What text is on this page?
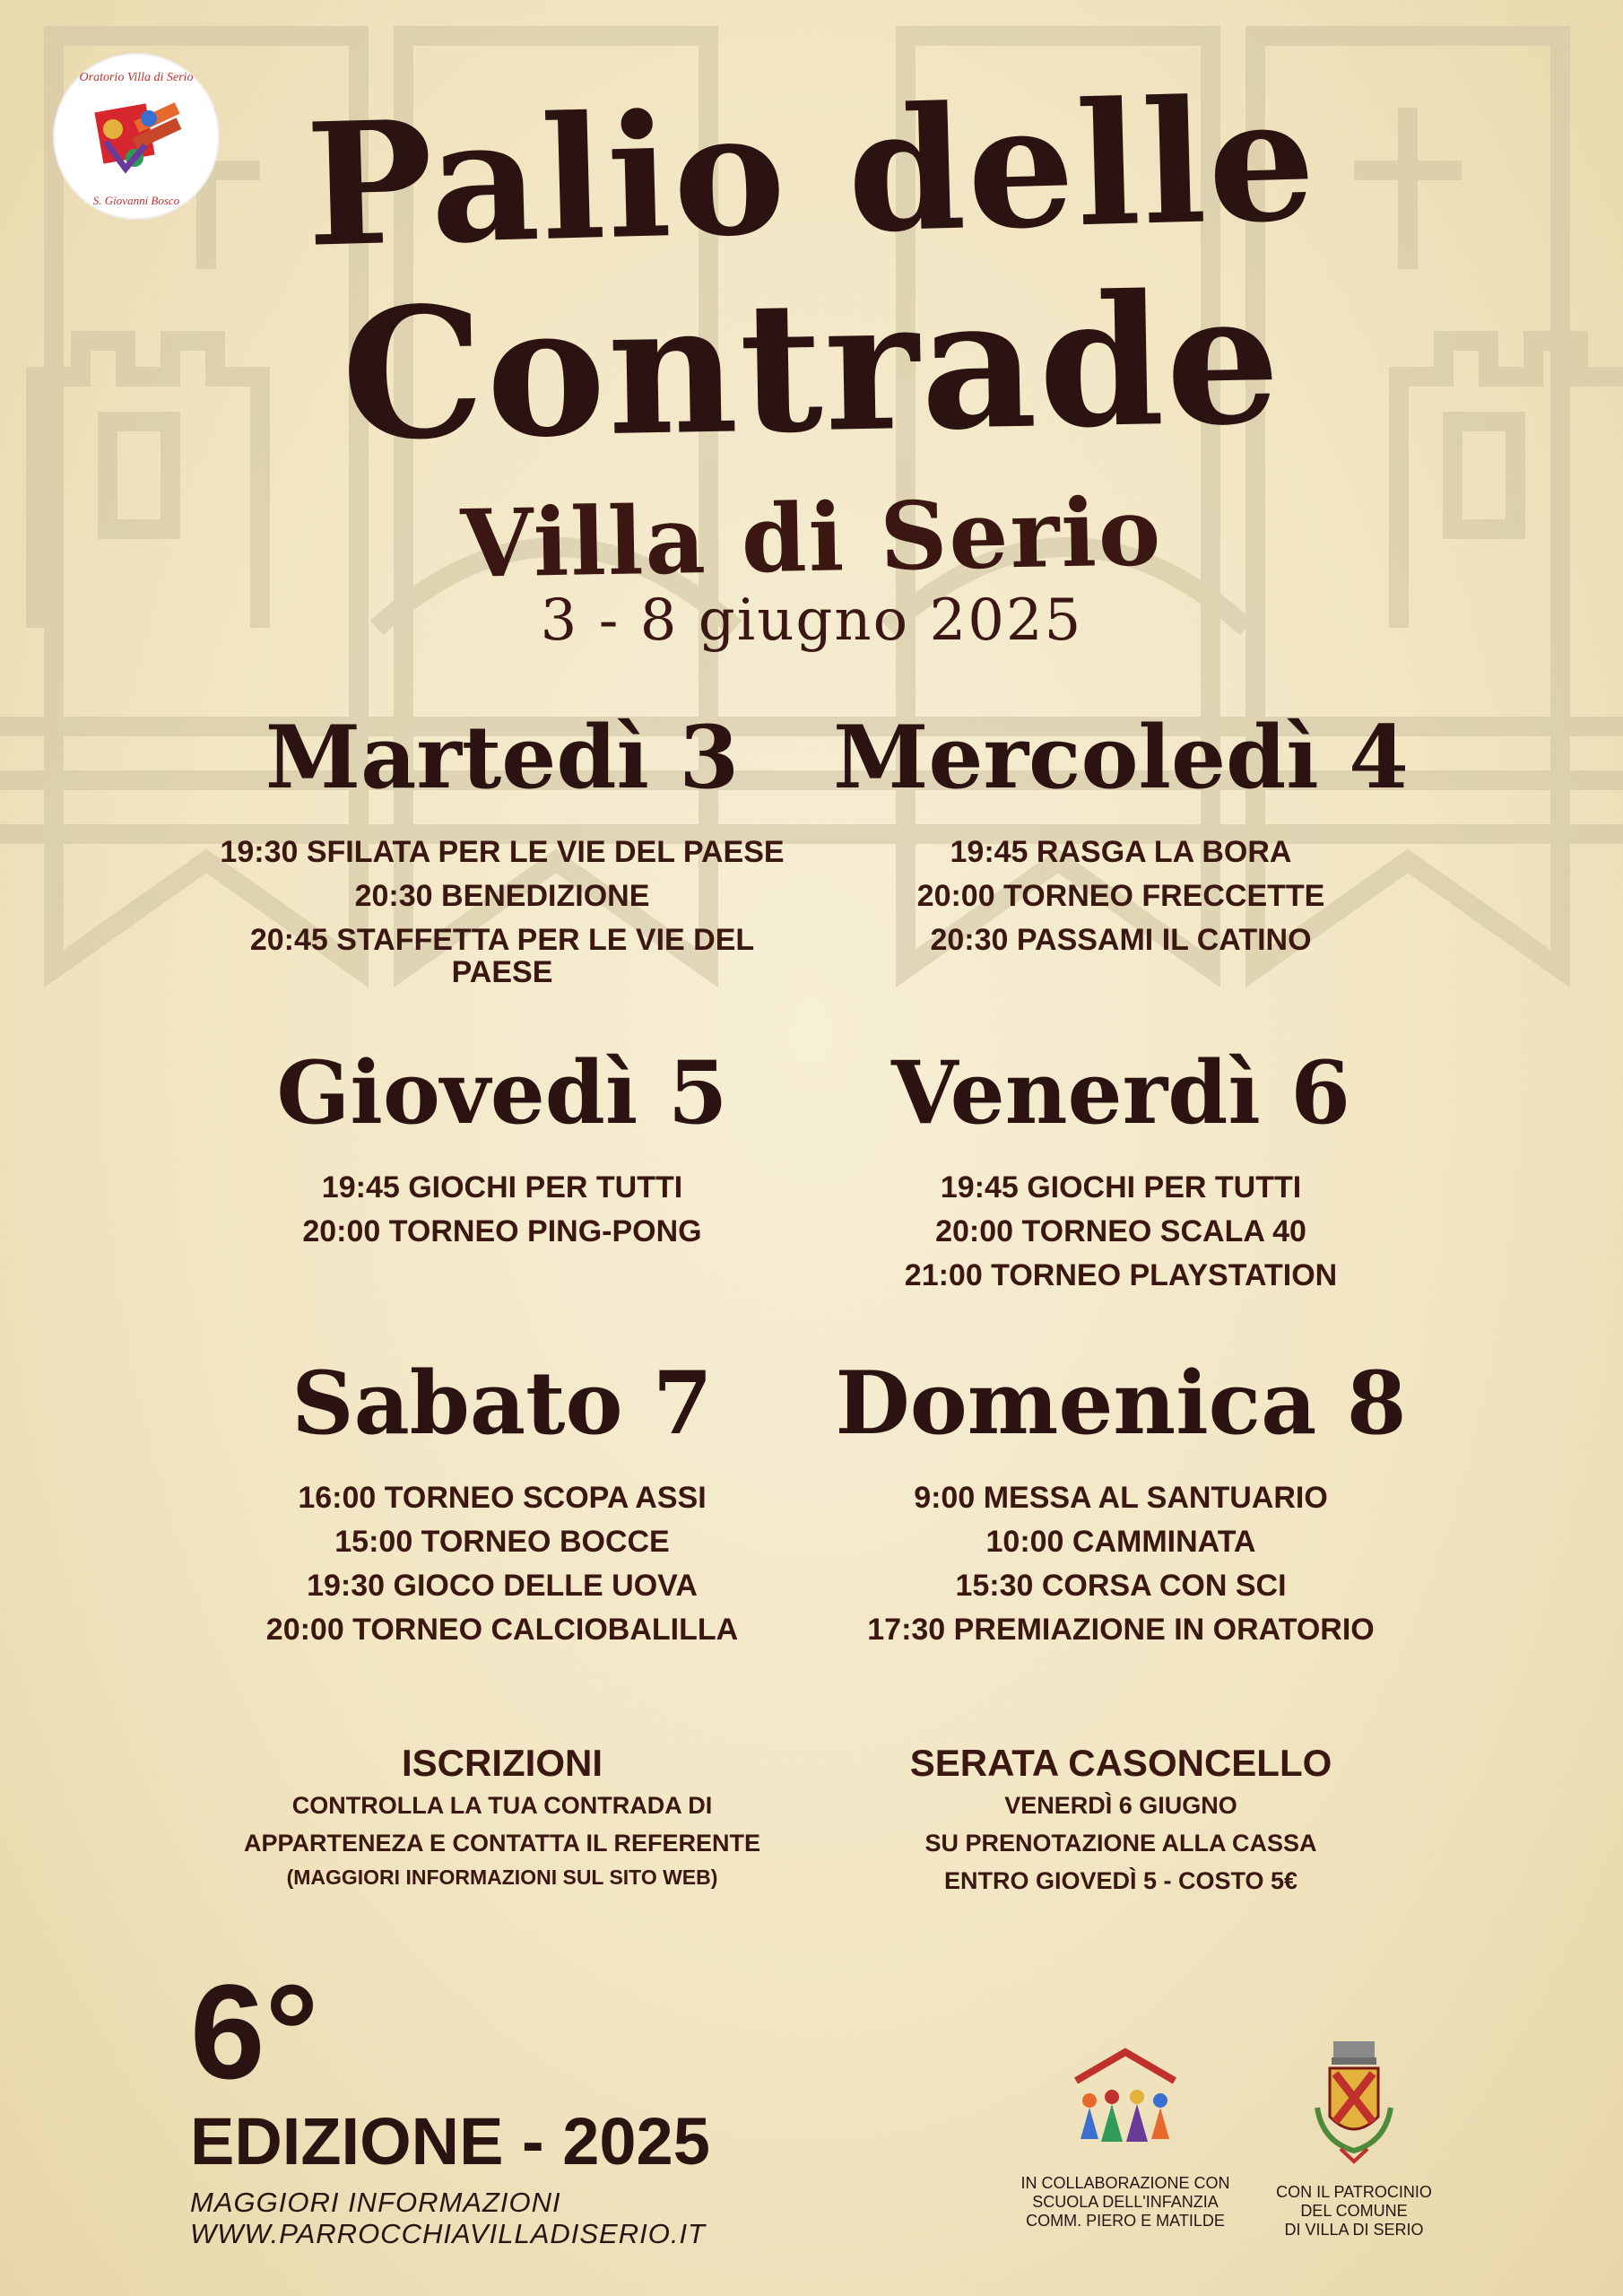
Oratorio Villa di Serio
S. Giovanni Bosco Palio delle
Contrade
Villa di Serio
3 - 8 giugno 2025
Martedì 3
19:30 SFILATA PER LE VIE DEL PAESE
20:30 BENEDIZIONE
20:45 STAFFETTA PER LE VIE DEL PAESE
Mercoledì 4
19:45 RASGA LA BORA
20:00 TORNEO FRECCETTE
20:30 PASSAMI IL CATINO
Giovedì 5
19:45 GIOCHI PER TUTTI
20:00 TORNEO PING-PONG
Venerdì 6
19:45 GIOCHI PER TUTTI
20:00 TORNEO SCALA 40
21:00 TORNEO PLAYSTATION
Sabato 7
16:00 TORNEO SCOPA ASSI
15:00 TORNEO BOCCE
19:30 GIOCO DELLE UOVA
20:00 TORNEO CALCIOBALILLA
Domenica 8
9:00 MESSA AL SANTUARIO
10:00 CAMMINATA
15:30 CORSA CON SCI
17:30 PREMIAZIONE IN ORATORIO
ISCRIZIONI
CONTROLLA LA TUA CONTRADA DI
APPARTENEZA E CONTATTA IL REFERENTE
(MAGGIORI INFORMAZIONI SUL SITO WEB)
SERATA CASONCELLO
VENERDÌ 6 GIUGNO
SU PRENOTAZIONE ALLA CASSA
ENTRO GIOVEDÌ 5 - COSTO 5€
6°
EDIZIONE - 2025
MAGGIORI INFORMAZIONI
WWW.PARROCCHIAVILLADISERIO.IT
IN COLLABORAZIONE CON
SCUOLA DELL'INFANZIA
COMM. PIERO E MATILDE
CON IL PATROCINIO
DEL COMUNE
DI VILLA DI SERIO
